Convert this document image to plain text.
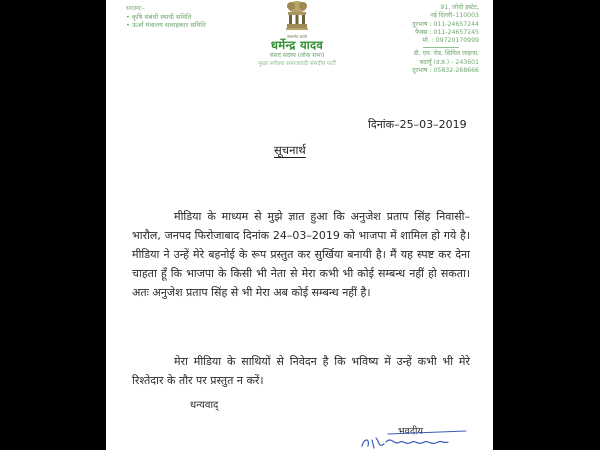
सदस्यः–
• कृषि संबंधी स्थायी समिति
• ऊर्जा मंत्रालय सलाहकार समिति
सत्यमेव जयते
धर्मेन्द्र यादव
संसद सदस्य (लोक सभा)
मुख्य सचेतक समाजवादी संसदीय पार्टी
91, लोधी इस्टेट,
नई दिल्ली–110003
दूरभाष : 011-24657244
फैक्स : 011-24657245
मो. : 09720170999
डी. एम. रोड, सिविल लाइन्स,
बदायूँ (उ.प्र.) - 243601
दूरभाष : 05832-268666
दिनांक–25–03–2019
सूचनार्थ
मीडिया के माध्यम से मुझे ज्ञात हुआ कि अनुजेश प्रताप सिंह निवासी–भारौल, जनपद फिरोजाबाद दिनांक 24–03–2019 को भाजपा में शामिल हो गये है। मीडिया ने उन्हें मेरे बहनोई के रूप प्रस्तुत कर सुर्खिया बनायी है। मैं यह स्पष्ट कर देना चाहता हूँ कि भाजपा के किसी भी नेता से मेरा कभी भी कोई सम्बन्ध नहीं हो सकता। अतः अनुजेश प्रताप सिंह से भी मेरा अब कोई सम्बन्ध नहीं है।
मेरा मीडिया के साथियों से निवेदन है कि भविष्य में उन्हें कभी भी मेरे रिश्तेदार के तौर पर प्रस्तुत न करें।
धन्यवाद्
भवदीय
